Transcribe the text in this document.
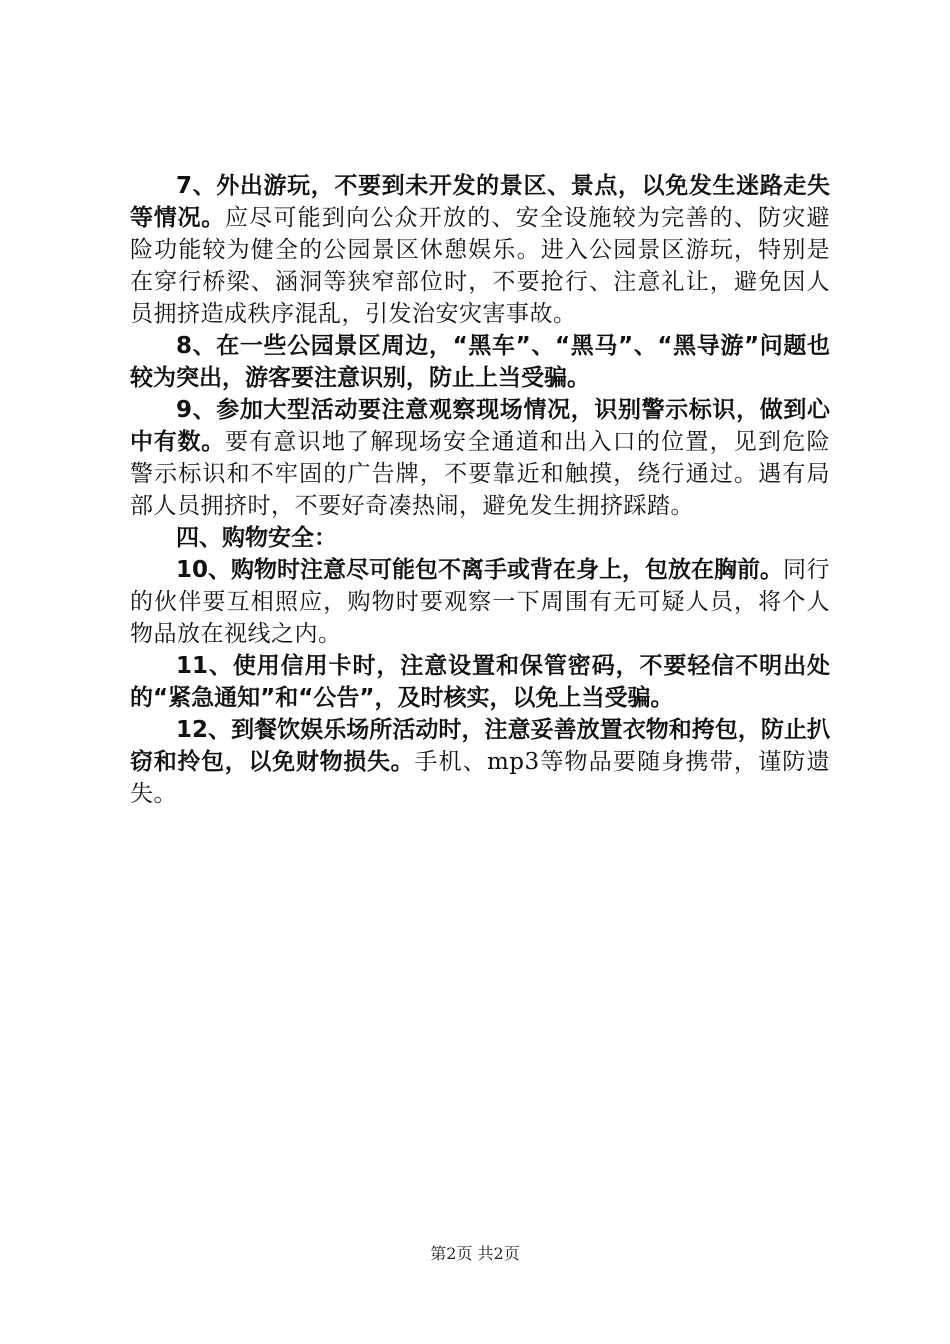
7、外出游玩，不要到未开发的景区、景点，以免发生迷路走失等情况。应尽可能到向公众开放的、安全设施较为完善的、防灾避险功能较为健全的公园景区休憩娱乐。进入公园景区游玩，特别是在穿行桥梁、涵洞等狭窄部位时，不要抢行、注意礼让，避免因人员拥挤造成秩序混乱，引发治安灾害事故。

8、在一些公园景区周边，“黑车”、“黑马”、“黑导游”问题也较为突出，游客要注意识别，防止上当受骗。

9、参加大型活动要注意观察现场情况，识别警示标识，做到心中有数。要有意识地了解现场安全通道和出入口的位置，见到危险警示标识和不牢固的广告牌，不要靠近和触摸，绕行通过。遇有局部人员拥挤时，不要好奇凑热闹，避免发生拥挤踩踏。

四、购物安全：

10、购物时注意尽可能包不离手或背在身上，包放在胸前。同行的伙伴要互相照应，购物时要观察一下周围有无可疑人员，将个人物品放在视线之内。

11、使用信用卡时，注意设置和保管密码，不要轻信不明出处的“紧急通知”和“公告”，及时核实，以免上当受骗。

12、到餐饮娱乐场所活动时，注意妥善放置衣物和挎包，防止扒窃和拎包，以免财物损失。手机、mp3等物品要随身携带，谨防遗失。

第2页 共2页
